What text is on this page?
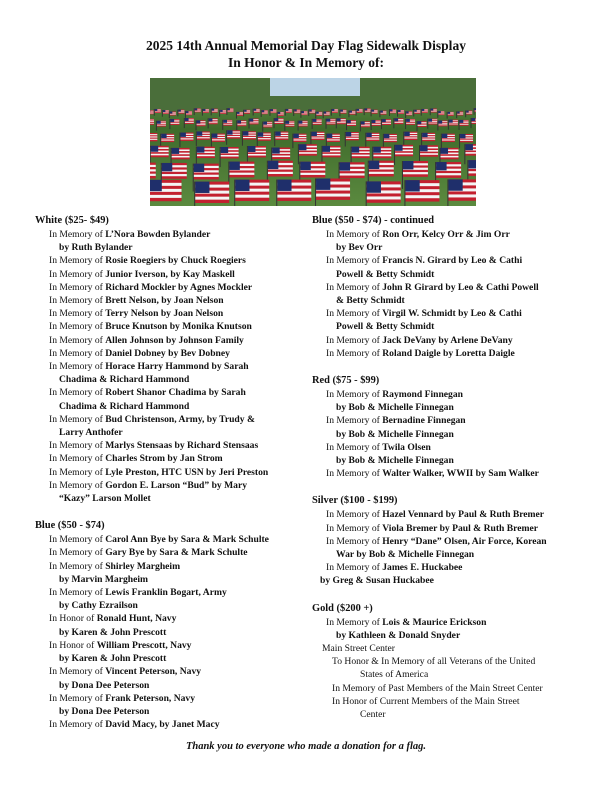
2025 14th Annual Memorial Day Flag Sidewalk Display
In Honor & In Memory of:
White ($25- $49)
In Memory of L’Nora Bowden Bylander
by Ruth Bylander
In Memory of Rosie Roegiers by Chuck Roegiers
In Memory of Junior Iverson, by Kay Maskell
In Memory of Richard Mockler by Agnes Mockler
In Memory of Brett Nelson, by Joan Nelson
In Memory of Terry Nelson by Joan Nelson
In Memory of Bruce Knutson by Monika Knutson
In Memory of Allen Johnson by Johnson Family
In Memory of Daniel Dobney by Bev Dobney
In Memory of Horace Harry Hammond by Sarah
Chadima & Richard Hammond
In Memory of Robert Shanor Chadima by Sarah
Chadima & Richard Hammond
In Memory of Bud Christenson, Army, by Trudy &
Larry Anthofer
In Memory of Marlys Stensaas by Richard Stensaas
In Memory of Charles Strom by Jan Strom
In Memory of Lyle Preston, HTC USN by Jeri Preston
In Memory of Gordon E. Larson “Bud” by Mary
“Kazy” Larson Mollet
Blue ($50 - $74)
In Memory of Carol Ann Bye by Sara & Mark Schulte
In Memory of Gary Bye by Sara & Mark Schulte
In Memory of Shirley Margheim
by Marvin Margheim
In Memory of Lewis Franklin Bogart, Army
by Cathy Ezrailson
In Honor of Ronald Hunt, Navy
by Karen & John Prescott
In Honor of William Prescott, Navy
by Karen & John Prescott
In Memory of Vincent Peterson, Navy
by Dona Dee Peterson
In Memory of Frank Peterson, Navy
by Dona Dee Peterson
In Memory of David Macy, by Janet Macy
Blue ($50 - $74) - continued
In Memory of Ron Orr, Kelcy Orr & Jim Orr
by Bev Orr
In Memory of Francis N. Girard by Leo & Cathi
Powell & Betty Schmidt
In Memory of John R Girard by Leo & Cathi Powell
& Betty Schmidt
In Memory of Virgil W. Schmidt by Leo & Cathi
Powell & Betty Schmidt
In Memory of Jack DeVany by Arlene DeVany
In Memory of Roland Daigle by Loretta Daigle
Red ($75 - $99)
In Memory of Raymond Finnegan
by Bob & Michelle Finnegan
In Memory of Bernadine Finnegan
by Bob & Michelle Finnegan
In Memory of Twila Olsen
by Bob & Michelle Finnegan
In Memory of Walter Walker, WWII by Sam Walker
Silver ($100 - $199)
In Memory of Hazel Vennard by Paul & Ruth Bremer
In Memory of Viola Bremer by Paul & Ruth Bremer
In Memory of Henry “Dane” Olsen, Air Force, Korean
War by Bob & Michelle Finnegan
In Memory of James E. Huckabee
by Greg & Susan Huckabee
Gold ($200 +)
In Memory of Lois & Maurice Erickson
by Kathleen & Donald Snyder
Main Street Center
To Honor & In Memory of all Veterans of the United
States of America
In Memory of Past Members of the Main Street Center
In Honor of Current Members of the Main Street
Center
Thank you to everyone who made a donation for a flag.
